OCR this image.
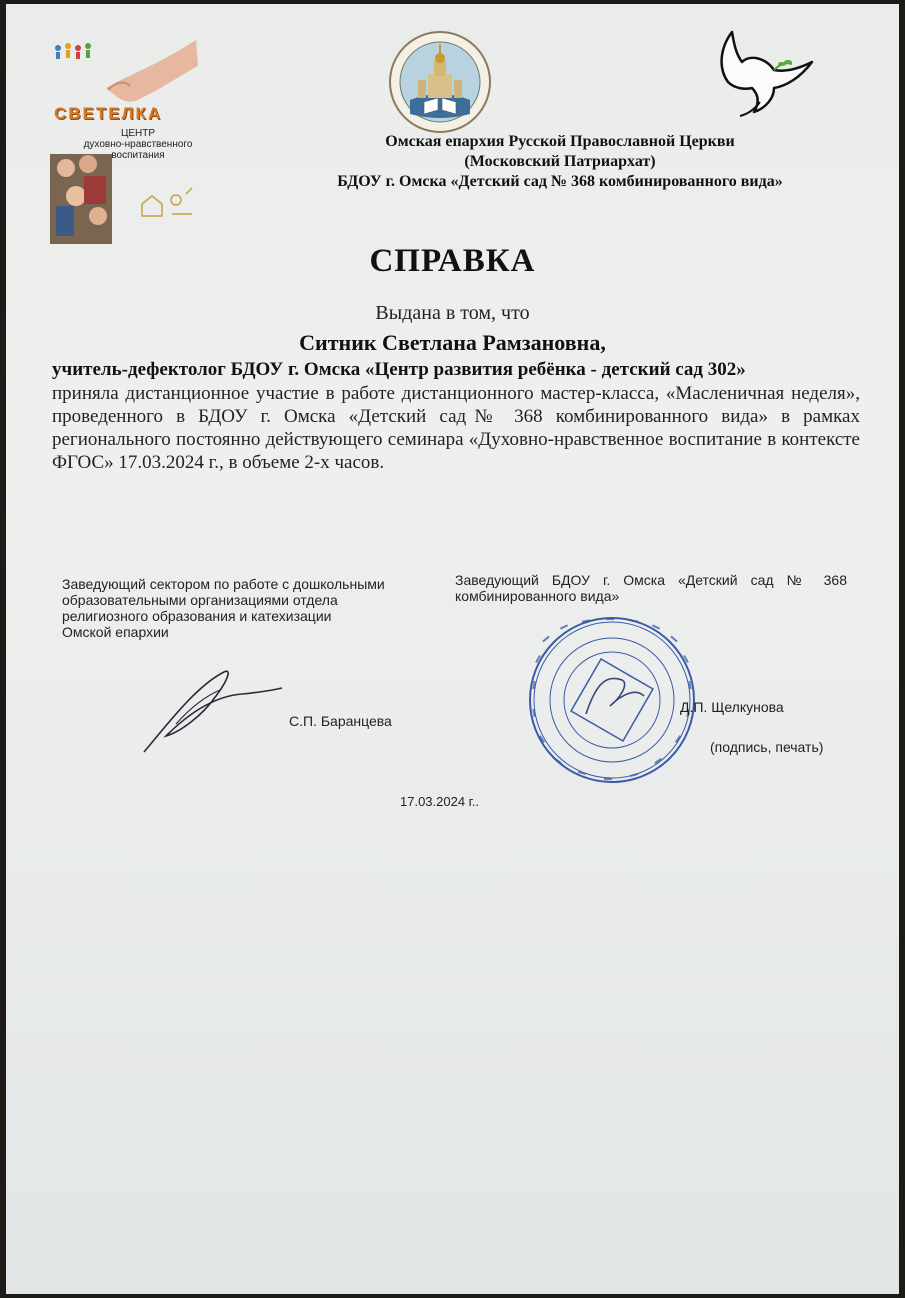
СВЕТЕЛКА
ЦЕНТР
духовно-нравственного
воспитания
Омская епархия Русской Православной Церкви
(Московский Патриархат)
БДОУ г. Омска «Детский сад № 368 комбинированного вида»
СПРАВКА
Выдана в том, что
Ситник Светлана Рамзановна,
учитель-дефектолог БДОУ г. Омска «Центр развития ребёнка - детский сад 302»
приняла дистанционное участие в работе дистанционного мастер-класса, «Масленичная неделя», проведенного в БДОУ г. Омска «Детский сад№ 368 комбинированного вида» в рамках регионального постоянно действующего семинара «Духовно-нравственное воспитание в контексте ФГОС» 17.03.2024 г., в объеме 2-х часов.
Заведующий сектором по работе с дошкольными
образовательными организациями отдела
религиозного образования и катехизации
Омской епархии
С.П. Баранцева
Заведующий БДОУ г. Омска «Детский сад № 368
комбинированного вида»
Д.П. Щелкунова
(подпись, печать)
17.03.2024 г..
